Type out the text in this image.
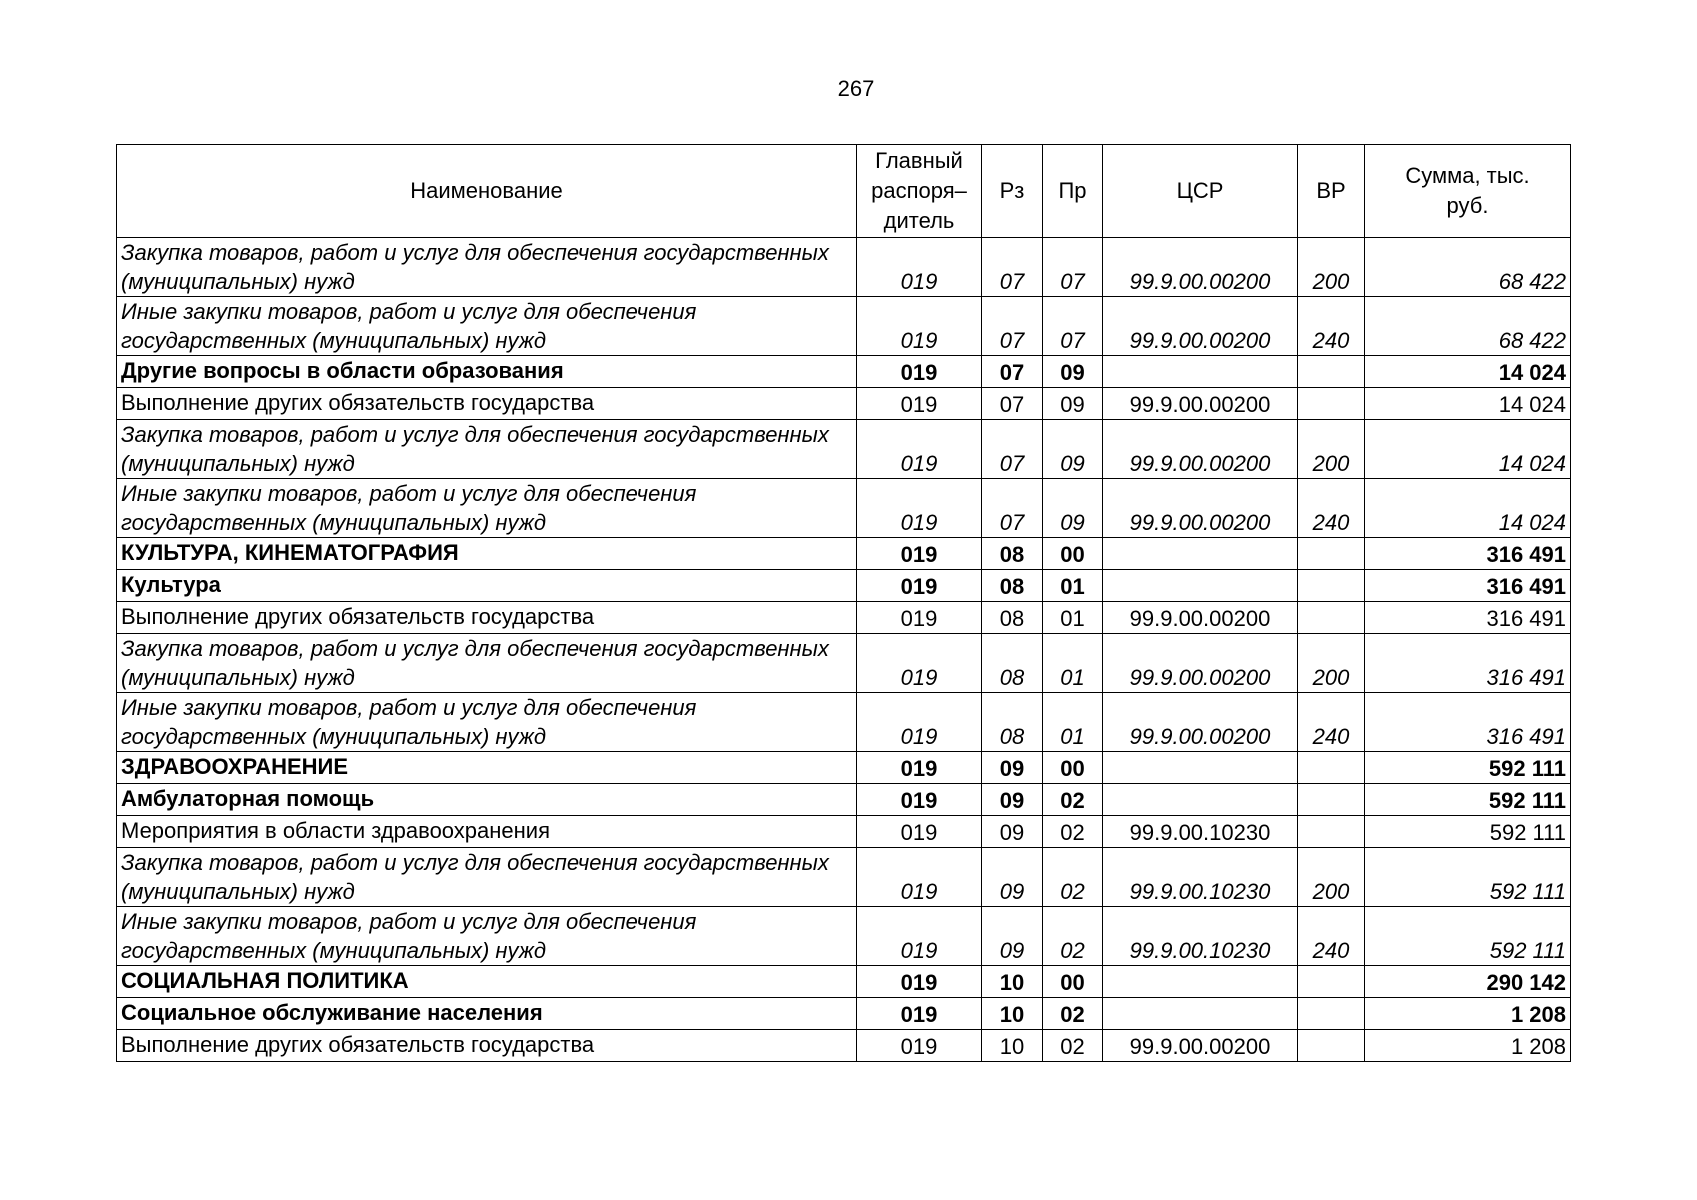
267
Наименование	Главный распоря– дитель	Рз	Пр	ЦСР	ВР	Сумма, тыс. руб.
Закупка товаров, работ и услуг для обеспечения государственных (муниципальных) нужд	019	07	07	99.9.00.00200	200	68 422
Иные закупки товаров, работ и услуг для обеспечения государственных (муниципальных) нужд	019	07	07	99.9.00.00200	240	68 422
Другие вопросы в области образования	019	07	09			14 024
Выполнение других обязательств государства	019	07	09	99.9.00.00200		14 024
Закупка товаров, работ и услуг для обеспечения государственных (муниципальных) нужд	019	07	09	99.9.00.00200	200	14 024
Иные закупки товаров, работ и услуг для обеспечения государственных (муниципальных) нужд	019	07	09	99.9.00.00200	240	14 024
КУЛЬТУРА, КИНЕМАТОГРАФИЯ	019	08	00			316 491
Культура	019	08	01			316 491
Выполнение других обязательств государства	019	08	01	99.9.00.00200		316 491
Закупка товаров, работ и услуг для обеспечения государственных (муниципальных) нужд	019	08	01	99.9.00.00200	200	316 491
Иные закупки товаров, работ и услуг для обеспечения государственных (муниципальных) нужд	019	08	01	99.9.00.00200	240	316 491
ЗДРАВООХРАНЕНИЕ	019	09	00			592 111
Амбулаторная помощь	019	09	02			592 111
Мероприятия в области здравоохранения	019	09	02	99.9.00.10230		592 111
Закупка товаров, работ и услуг для обеспечения государственных (муниципальных) нужд	019	09	02	99.9.00.10230	200	592 111
Иные закупки товаров, работ и услуг для обеспечения государственных (муниципальных) нужд	019	09	02	99.9.00.10230	240	592 111
СОЦИАЛЬНАЯ ПОЛИТИКА	019	10	00			290 142
Социальное обслуживание населения	019	10	02			1 208
Выполнение других обязательств государства	019	10	02	99.9.00.00200		1 208
